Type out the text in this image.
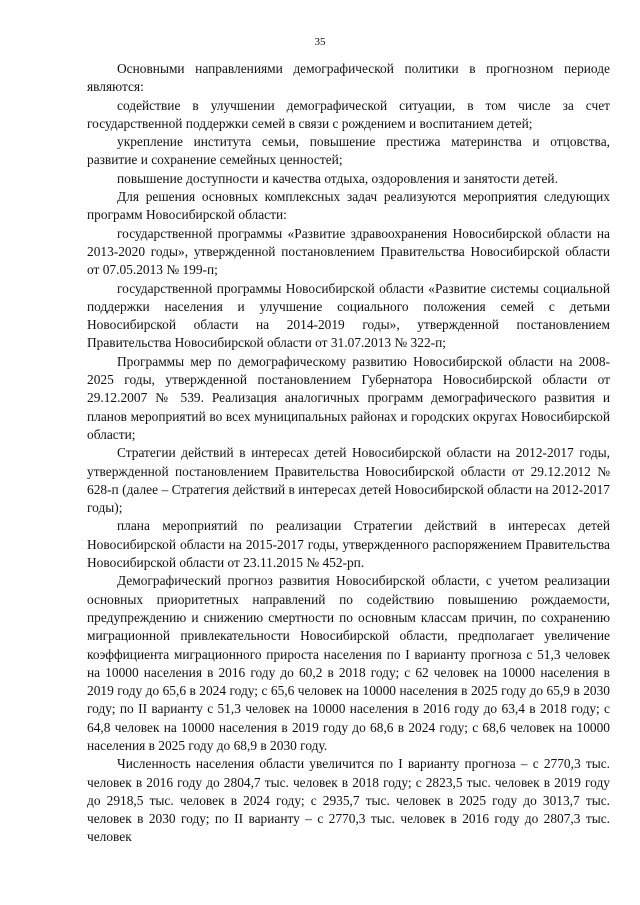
35

Основными направлениями демографической политики в прогнозном периоде являются:

содействие в улучшении демографической ситуации, в том числе за счет государственной поддержки семей в связи с рождением и воспитанием детей;

укрепление института семьи, повышение престижа материнства и отцовства, развитие и сохранение семейных ценностей;

повышение доступности и качества отдыха, оздоровления и занятости детей.

Для решения основных комплексных задач реализуются мероприятия следующих программ Новосибирской области:

государственной программы «Развитие здравоохранения Новосибирской области на 2013-2020 годы», утвержденной постановлением Правительства Новосибирской области от 07.05.2013 № 199-п;

государственной программы Новосибирской области «Развитие системы социальной поддержки населения и улучшение социального положения семей с детьми Новосибирской области на 2014-2019 годы», утвержденной постановлением Правительства Новосибирской области от 31.07.2013 № 322-п;

Программы мер по демографическому развитию Новосибирской области на 2008-2025 годы, утвержденной постановлением Губернатора Новосибирской области от 29.12.2007 № 539. Реализация аналогичных программ демографического развития и планов мероприятий во всех муниципальных районах и городских округах Новосибирской области;

Стратегии действий в интересах детей Новосибирской области на 2012-2017 годы, утвержденной постановлением Правительства Новосибирской области от 29.12.2012 № 628-п (далее – Стратегия действий в интересах детей Новосибирской области на 2012-2017 годы);

плана мероприятий по реализации Стратегии действий в интересах детей Новосибирской области на 2015-2017 годы, утвержденного распоряжением Правительства Новосибирской области от 23.11.2015 № 452-рп.

Демографический прогноз развития Новосибирской области, с учетом реализации основных приоритетных направлений по содействию повышению рождаемости, предупреждению и снижению смертности по основным классам причин, по сохранению миграционной привлекательности Новосибирской области, предполагает увеличение коэффициента миграционного прироста населения по I варианту прогноза с 51,3 человек на 10000 населения в 2016 году до 60,2 в 2018 году; с 62 человек на 10000 населения в 2019 году до 65,6 в 2024 году; с 65,6 человек на 10000 населения в 2025 году до 65,9 в 2030 году; по II варианту с 51,3 человек на 10000 населения в 2016 году до 63,4 в 2018 году; с 64,8 человек на 10000 населения в 2019 году до 68,6 в 2024 году; с 68,6 человек на 10000 населения в 2025 году до 68,9 в 2030 году.

Численность населения области увеличится по I варианту прогноза – с 2770,3 тыс. человек в 2016 году до 2804,7 тыс. человек в 2018 году; с 2823,5 тыс. человек в 2019 году до 2918,5 тыс. человек в 2024 году; с 2935,7 тыс. человек в 2025 году до 3013,7 тыс. человек в 2030 году; по II варианту – с 2770,3 тыс. человек в 2016 году до 2807,3 тыс. человек
